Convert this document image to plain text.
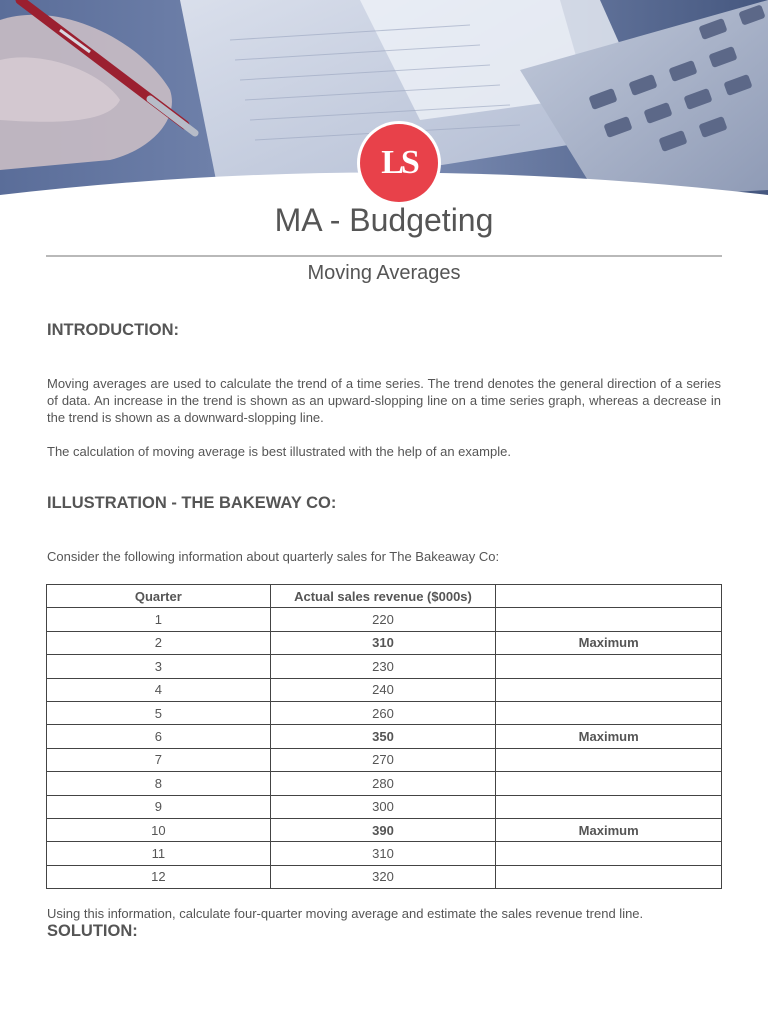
LS
MA - Budgeting
Moving Averages
INTRODUCTION:
Moving averages are used to calculate the trend of a time series. The trend denotes the general direction of a series of data. An increase in the trend is shown as an upward-slopping line on a time series graph, whereas a decrease in the trend is shown as a downward-slopping line.
The calculation of moving average is best illustrated with the help of an example.
ILLUSTRATION - THE BAKEWAY CO:
Consider the following information about quarterly sales for The Bakeaway Co:
Quarter	Actual sales revenue ($000s)	
1	220	
2	310	Maximum
3	230	
4	240	
5	260	
6	350	Maximum
7	270	
8	280	
9	300	
10	390	Maximum
11	310	
12	320	
Using this information, calculate four-quarter moving average and estimate the sales revenue trend line.
SOLUTION:
